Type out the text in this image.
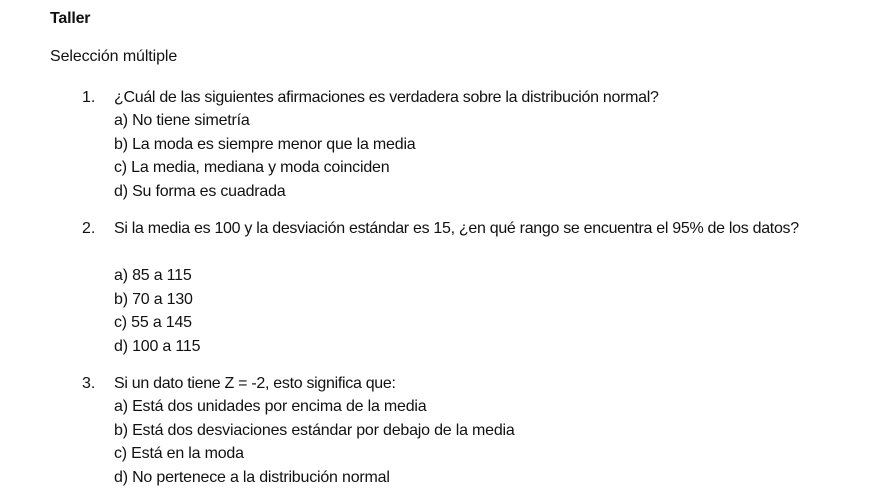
Taller
Selección múltiple
1. ¿Cuál de las siguientes afirmaciones es verdadera sobre la distribución normal?
a) No tiene simetría
b) La moda es siempre menor que la media
c) La media, mediana y moda coinciden
d) Su forma es cuadrada
2. Si la media es 100 y la desviación estándar es 15, ¿en qué rango se encuentra el 95% de los datos?
a) 85 a 115
b) 70 a 130
c) 55 a 145
d) 100 a 115
3. Si un dato tiene Z = -2, esto significa que:
a) Está dos unidades por encima de la media
b) Está dos desviaciones estándar por debajo de la media
c) Está en la moda
d) No pertenece a la distribución normal
